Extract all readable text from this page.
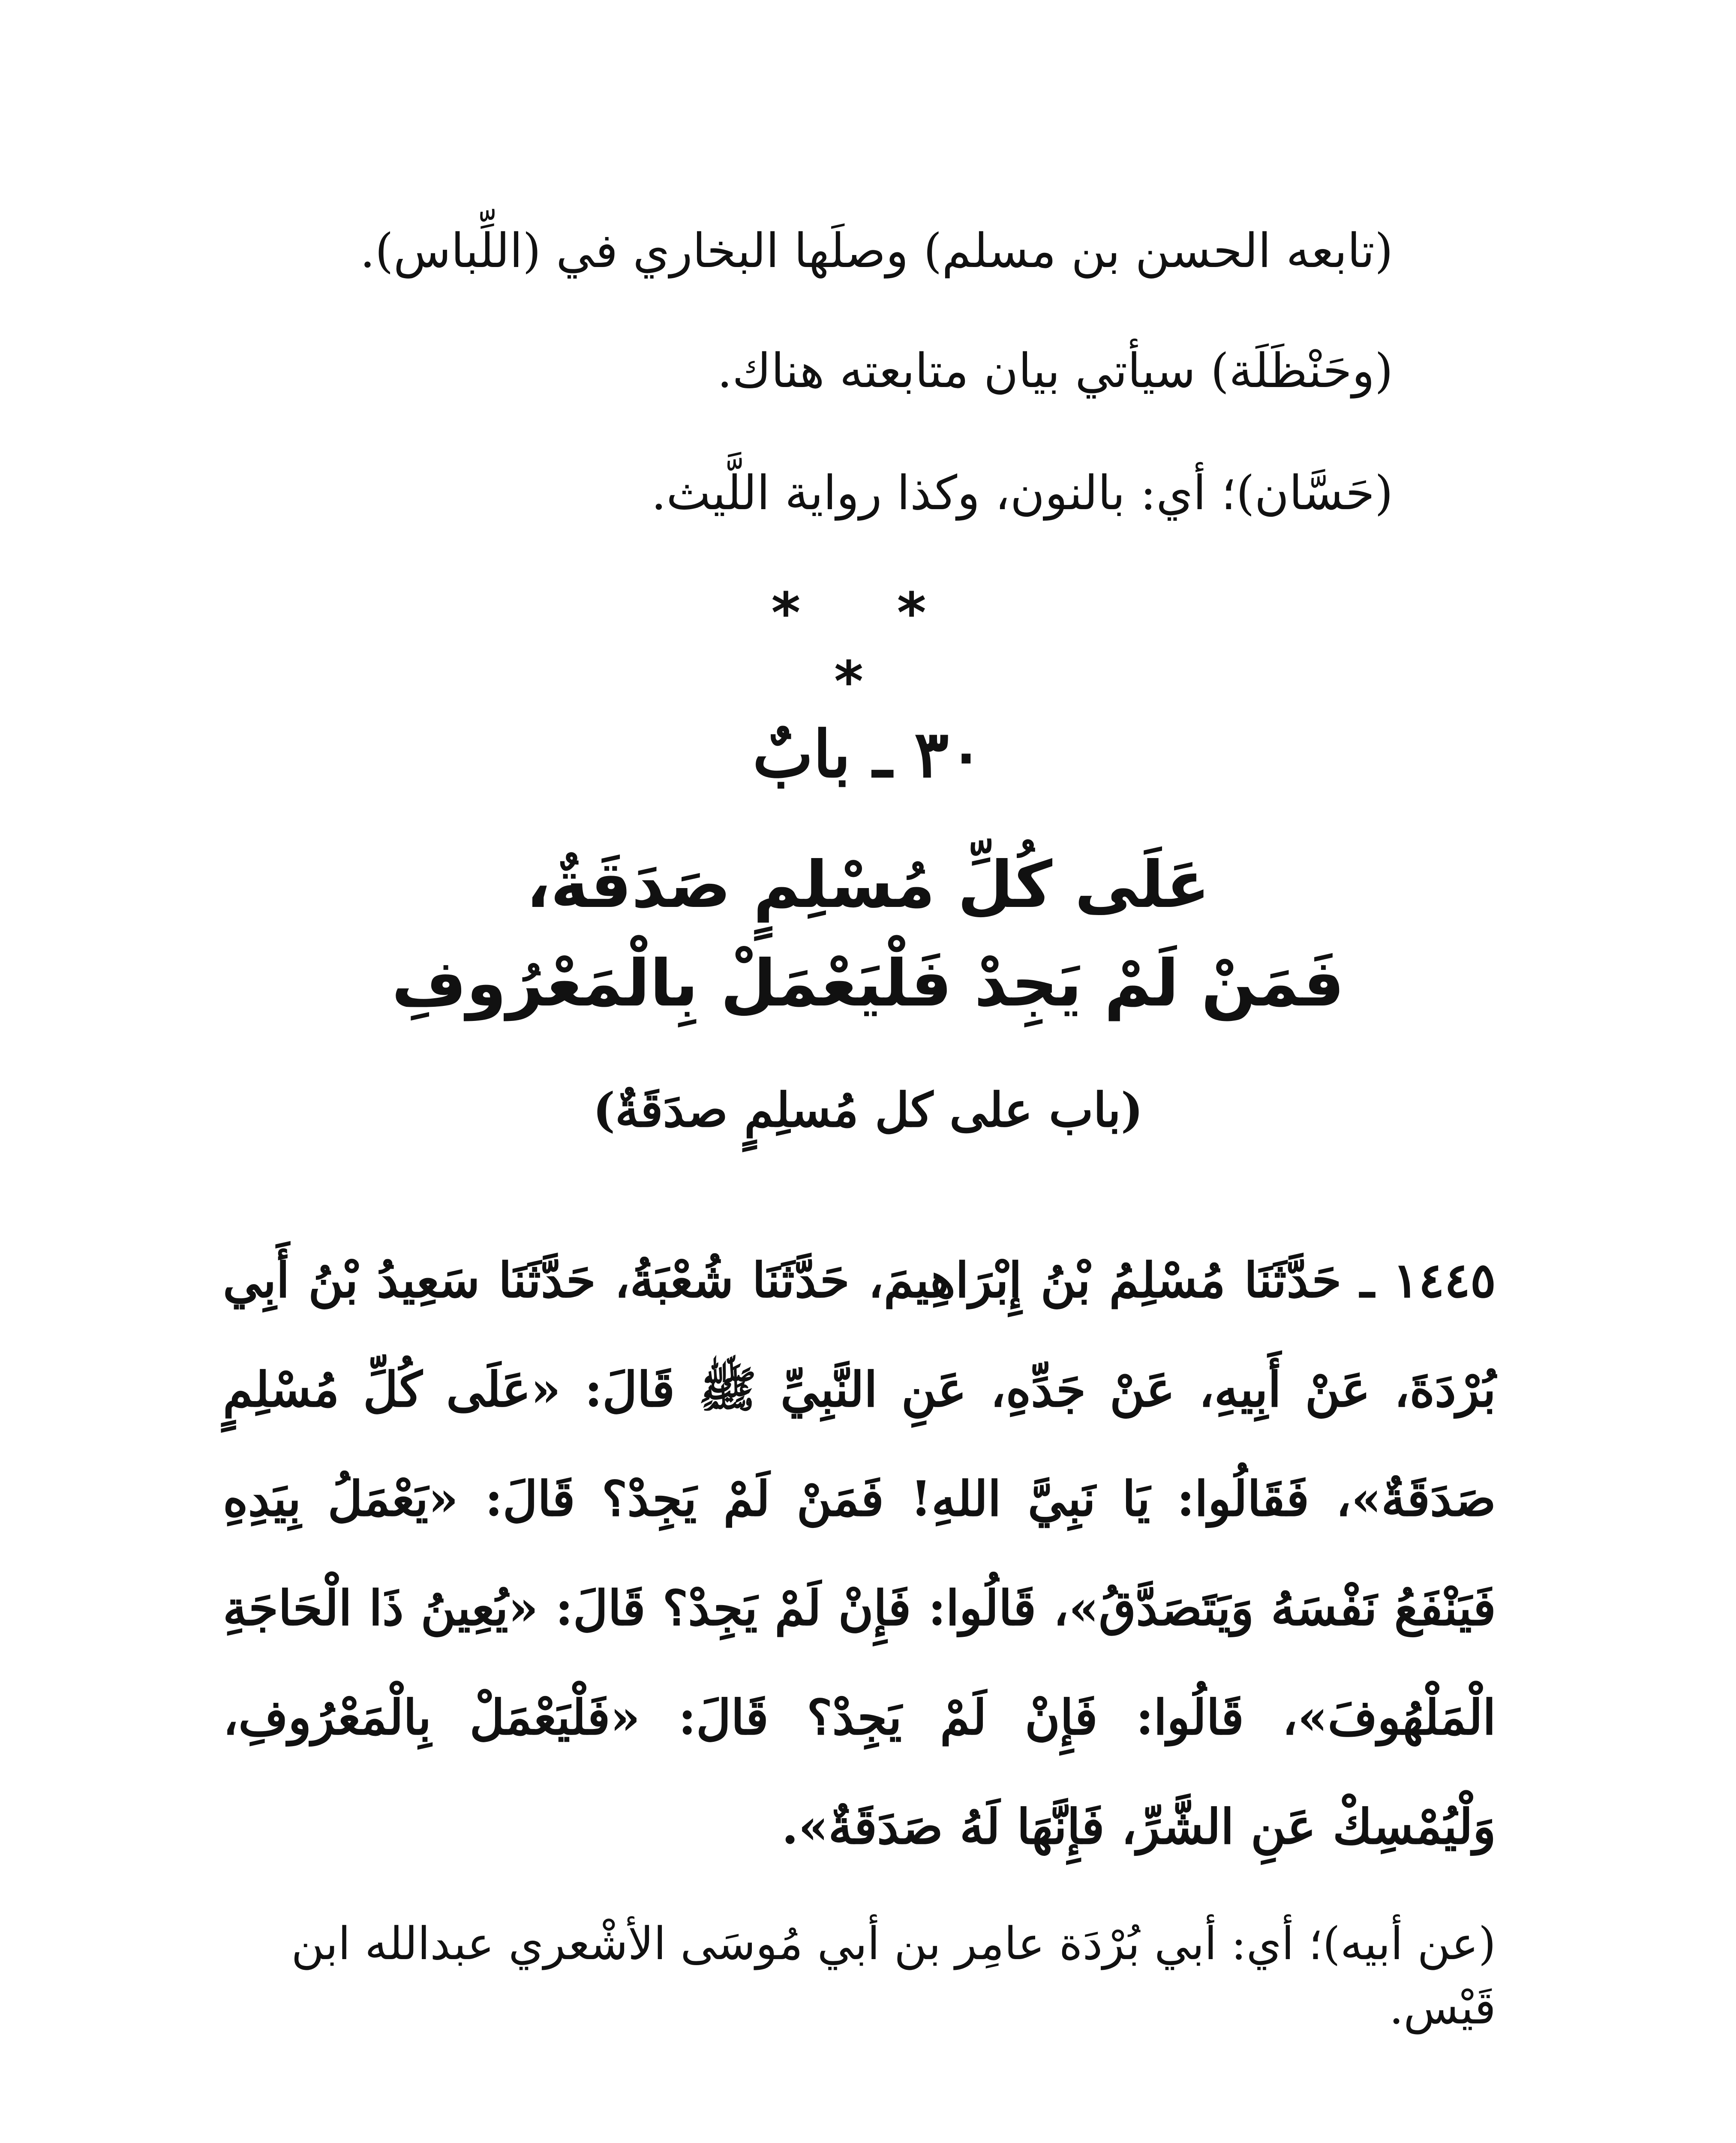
(تابعه الحسن بن مسلم) وصلَها البخاري في (اللِّباس).
(وحَنْظَلَة) سيأتي بيان متابعته هناك.
(حَسَّان)؛ أي: بالنون، وكذا رواية اللَّيث.
* * *
٣٠ ـ بابٌ
عَلَى كُلِّ مُسْلِمٍ صَدَقَةٌ،
فَمَنْ لَمْ يَجِدْ فَلْيَعْمَلْ بِالْمَعْرُوفِ
(باب على كل مُسلِمٍ صدَقَةٌ)
١٤٤٥ ـ حَدَّثَنَا مُسْلِمُ بْنُ إِبْرَاهِيمَ، حَدَّثَنَا شُعْبَةُ، حَدَّثَنَا سَعِيدُ بْنُ أَبِي بُرْدَةَ، عَنْ أَبِيهِ، عَنْ جَدِّهِ، عَنِ النَّبِيِّ ﷺ قَالَ: «عَلَى كُلِّ مُسْلِمٍ صَدَقَةٌ»، فَقَالُوا: يَا نَبِيَّ اللهِ! فَمَنْ لَمْ يَجِدْ؟ قَالَ: «يَعْمَلُ بِيَدِهِ فَيَنْفَعُ نَفْسَهُ وَيَتَصَدَّقُ»، قَالُوا: فَإِنْ لَمْ يَجِدْ؟ قَالَ: «يُعِينُ ذَا الْحَاجَةِ الْمَلْهُوفَ»، قَالُوا: فَإِنْ لَمْ يَجِدْ؟ قَالَ: «فَلْيَعْمَلْ بِالْمَعْرُوفِ، وَلْيُمْسِكْ عَنِ الشَّرِّ، فَإِنَّهَا لَهُ صَدَقَةٌ».
(عن أبيه)؛ أي: أبي بُرْدَة عامِر بن أبي مُوسَى الأشْعري عبدالله ابن قَيْس.
